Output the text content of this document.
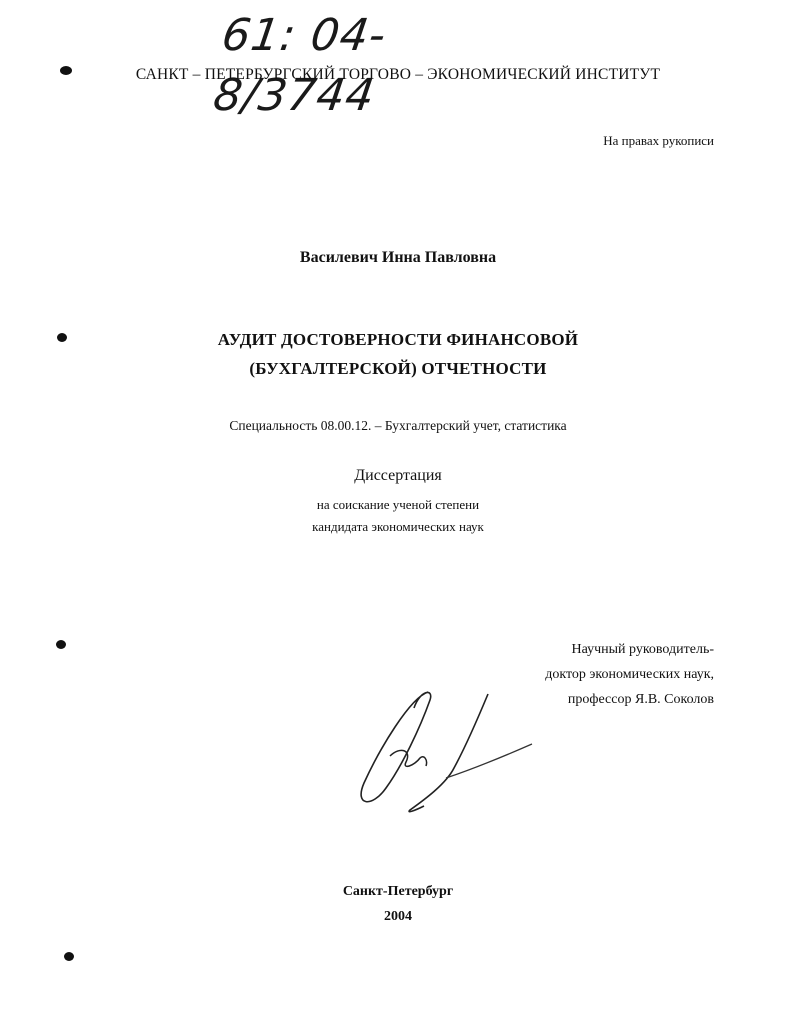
61: 04-8/3744
САНКТ – ПЕТЕРБУРГСКИЙ ТОРГОВО – ЭКОНОМИЧЕСКИЙ ИНСТИТУТ
На правах рукописи
Василевич Инна Павловна
АУДИТ ДОСТОВЕРНОСТИ ФИНАНСОВОЙ
(БУХГАЛТЕРСКОЙ) ОТЧЕТНОСТИ
Специальность 08.00.12. – Бухгалтерский учет, статистика
Диссертация
на соискание ученой степени
кандидата экономических наук
Научный руководитель-
доктор экономических наук,
профессор Я.В. Соколов
Санкт-Петербург
2004
